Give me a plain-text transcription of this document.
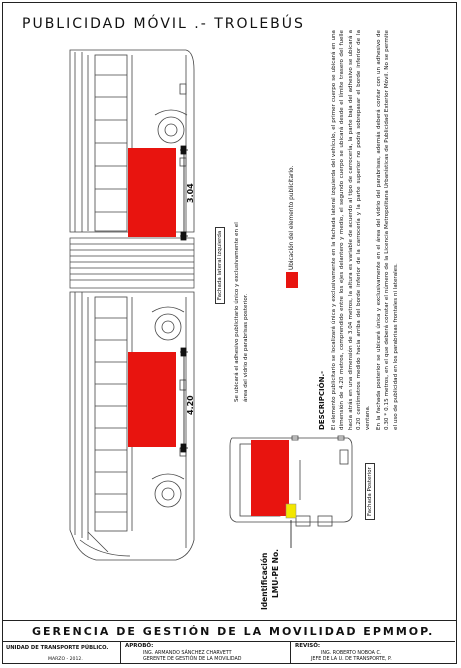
PUBLICIDAD MÓVIL .- TROLEBÚS
3.04
4.20
Fachada lateral izquierda
Fachada Posterior
Identificación LMU-PE No.
Se ubicará el adhesivo publicitario único y exclusivamente en el área del vidrio de parabrisas posterior.
Ubicación del elemento publicitario.

DESCRIPCIÓN.- El elemento publicitario se localizará única y exclusivamente en la fachada lateral izquierda del vehículo, el primer cuerpo se ubicará en una dimensión de 4.20 metros, comprendido entre los ejes delantero y medio, el segundo cuerpo se ubicará desde el límite trasero del fuelle hacia atrás en una dimensión de 3.04 metros, la altura es variable de acuerdo al tipo de carrocería, la parte baja del adhesivo se ubicará a 0.20 centímetros medido hacia arriba del borde inferior de la carrocería y la parte superior no podrá sobrepasar el borde inferior de la ventana. En la fachada posterior se ubicará única y exclusivamente en el área del vidrio del parabrisas, además deberá contar con un adhesivo de 0.30 * 0.15 metros, en el que deberá constar el número de la Licencia Metropolitana Urbanísticas de Publicidad Exterior Móvil. No se permite el uso de publicidad en los parabrisas frontales ni laterales.

GERENCIA DE GESTIÓN DE LA MOVILIDAD EPMMOP.
UNIDAD DE TRANSPORTE PÚBLICO.
MARZO - 2012.
APROBÓ:
ING. ARMANDO SÁNCHEZ CHARVETT
GERENTE DE GESTIÓN DE LA MOVILIDAD
REVISÓ:
ING. ROBERTO NOBOA C.
JEFE DE LA U. DE TRANSPORTE, P.
